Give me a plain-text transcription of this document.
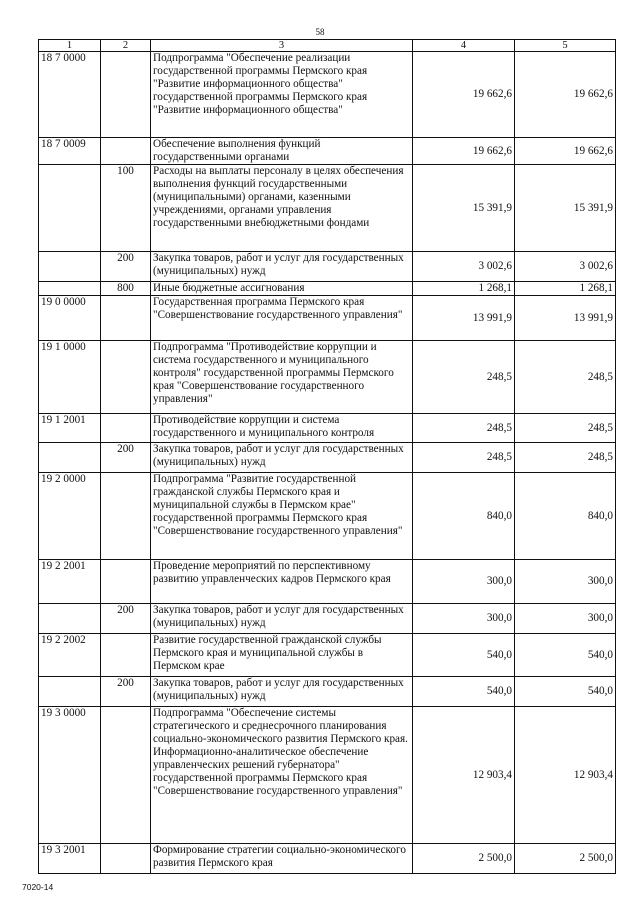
58
1	2	3	4	5
18 7 0000		Подпрограмма "Обеспечение реализации государственной программы Пермского края "Развитие информационного общества" государственной программы Пермского края "Развитие информационного общества"	19 662,6	19 662,6
18 7 0009		Обеспечение выполнения функций государственными органами	19 662,6	19 662,6
	100	Расходы на выплаты персоналу в целях обеспечения выполнения функций государственными (муниципальными) органами, казенными учреждениями, органами управления государственными внебюджетными фондами	15 391,9	15 391,9
	200	Закупка товаров, работ и услуг для государственных (муниципальных) нужд	3 002,6	3 002,6
	800	Иные бюджетные ассигнования	1 268,1	1 268,1
19 0 0000		Государственная программа Пермского края "Совершенствование государственного управления"	13 991,9	13 991,9
19 1 0000		Подпрограмма "Противодействие коррупции и система государственного и муниципального контроля" государственной программы Пермского края "Совершенствование государственного управления"	248,5	248,5
19 1 2001		Противодействие коррупции и система государственного и муниципального контроля	248,5	248,5
	200	Закупка товаров, работ и услуг для государственных (муниципальных) нужд	248,5	248,5
19 2 0000		Подпрограмма "Развитие государственной гражданской службы Пермского края и муниципальной службы в Пермском крае" государственной программы Пермского края "Совершенствование государственного управления"	840,0	840,0
19 2 2001		Проведение мероприятий по перспективному развитию управленческих кадров Пермского края	300,0	300,0
	200	Закупка товаров, работ и услуг для государственных (муниципальных) нужд	300,0	300,0
19 2 2002		Развитие государственной гражданской службы Пермского края и муниципальной службы в Пермском крае	540,0	540,0
	200	Закупка товаров, работ и услуг для государственных (муниципальных) нужд	540,0	540,0
19 3 0000		Подпрограмма "Обеспечение системы стратегического и среднесрочного планирования социально-экономического развития Пермского края. Информационно-аналитическое обеспечение управленческих решений губернатора" государственной программы Пермского края "Совершенствование государственного управления"	12 903,4	12 903,4
19 3 2001		Формирование стратегии социально-экономического развития Пермского края	2 500,0	2 500,0
7020-14
